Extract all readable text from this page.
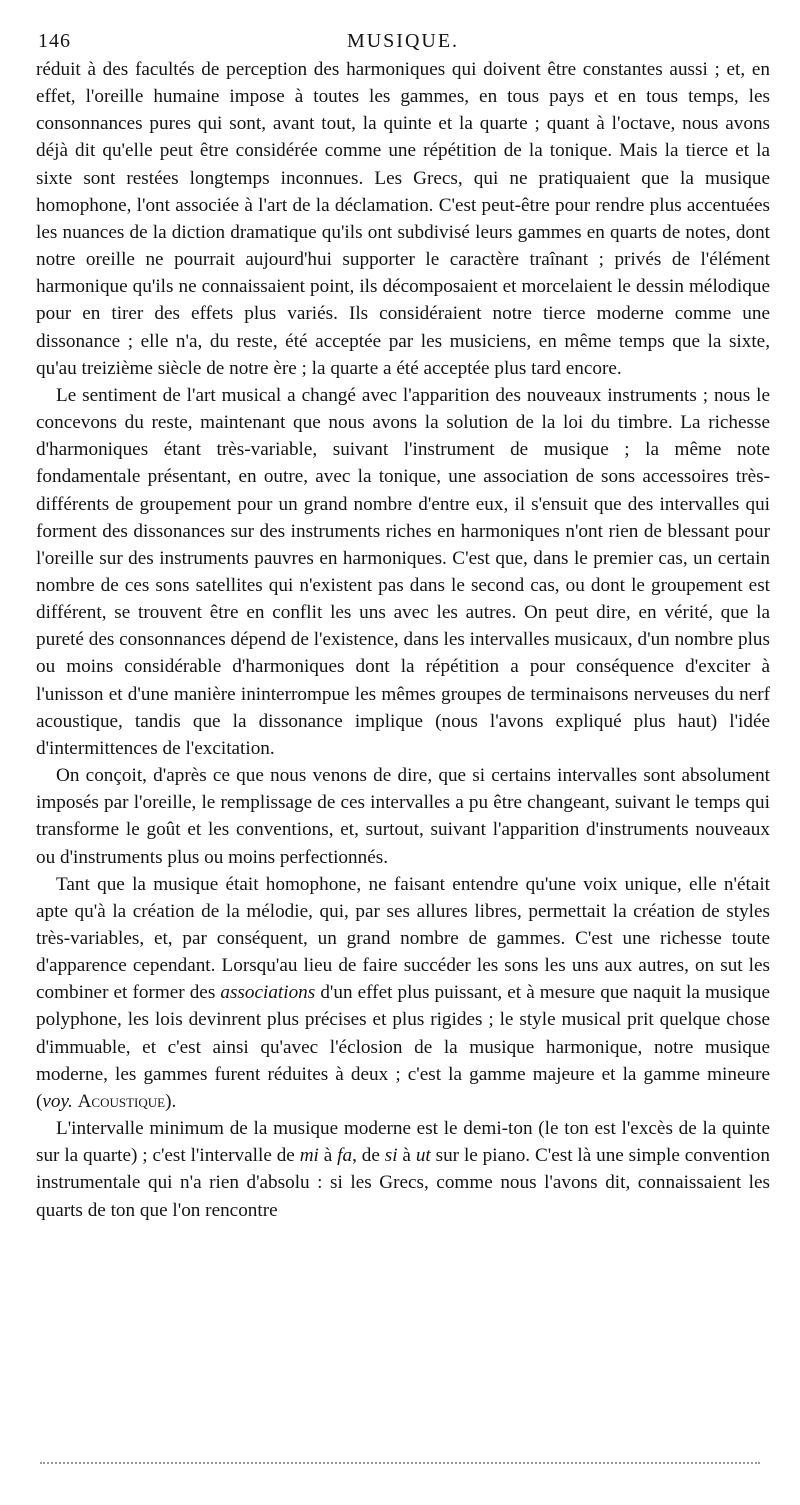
146	MUSIQUE.

réduit à des facultés de perception des harmoniques qui doivent être constantes aussi ; et, en effet, l'oreille humaine impose à toutes les gammes, en tous pays et en tous temps, les consonnances pures qui sont, avant tout, la quinte et la quarte ; quant à l'octave, nous avons déjà dit qu'elle peut être considérée comme une répétition de la tonique. Mais la tierce et la sixte sont restées longtemps inconnues. Les Grecs, qui ne pratiquaient que la musique homophone, l'ont associée à l'art de la déclamation. C'est peut-être pour rendre plus accentuées les nuances de la diction dramatique qu'ils ont subdivisé leurs gammes en quarts de notes, dont notre oreille ne pourrait aujourd'hui supporter le caractère traînant ; privés de l'élément harmonique qu'ils ne connaissaient point, ils décomposaient et morcelaient le dessin mélodique pour en tirer des effets plus variés. Ils considéraient notre tierce moderne comme une dissonance ; elle n'a, du reste, été acceptée par les musiciens, en même temps que la sixte, qu'au treizième siècle de notre ère ; la quarte a été acceptée plus tard encore.

Le sentiment de l'art musical a changé avec l'apparition des nouveaux instruments ; nous le concevons du reste, maintenant que nous avons la solution de la loi du timbre. La richesse d'harmoniques étant très-variable, suivant l'instrument de musique ; la même note fondamentale présentant, en outre, avec la tonique, une association de sons accessoires très-différents de groupement pour un grand nombre d'entre eux, il s'ensuit que des intervalles qui forment des dissonances sur des instruments riches en harmoniques n'ont rien de blessant pour l'oreille sur des instruments pauvres en harmoniques. C'est que, dans le premier cas, un certain nombre de ces sons satellites qui n'existent pas dans le second cas, ou dont le groupement est différent, se trouvent être en conflit les uns avec les autres. On peut dire, en vérité, que la pureté des consonnances dépend de l'existence, dans les intervalles musicaux, d'un nombre plus ou moins considérable d'harmoniques dont la répétition a pour conséquence d'exciter à l'unisson et d'une manière ininterrompue les mêmes groupes de terminaisons nerveuses du nerf acoustique, tandis que la dissonance implique (nous l'avons expliqué plus haut) l'idée d'intermittences de l'excitation.

On conçoit, d'après ce que nous venons de dire, que si certains intervalles sont absolument imposés par l'oreille, le remplissage de ces intervalles a pu être changeant, suivant le temps qui transforme le goût et les conventions, et, surtout, suivant l'apparition d'instruments nouveaux ou d'instruments plus ou moins perfectionnés.

Tant que la musique était homophone, ne faisant entendre qu'une voix unique, elle n'était apte qu'à la création de la mélodie, qui, par ses allures libres, permettait la création de styles très-variables, et, par conséquent, un grand nombre de gammes. C'est une richesse toute d'apparence cependant. Lorsqu'au lieu de faire succéder les sons les uns aux autres, on sut les combiner et former des associations d'un effet plus puissant, et à mesure que naquit la musique polyphone, les lois devinrent plus précises et plus rigides ; le style musical prit quelque chose d'immuable, et c'est ainsi qu'avec l'éclosion de la musique harmonique, notre musique moderne, les gammes furent réduites à deux ; c'est la gamme majeure et la gamme mineure (voy. Acoustique).

L'intervalle minimum de la musique moderne est le demi-ton (le ton est l'excès de la quinte sur la quarte) ; c'est l'intervalle de mi à fa, de si à ut sur le piano. C'est là une simple convention instrumentale qui n'a rien d'absolu : si les Grecs, comme nous l'avons dit, connaissaient les quarts de ton que l'on rencontre
